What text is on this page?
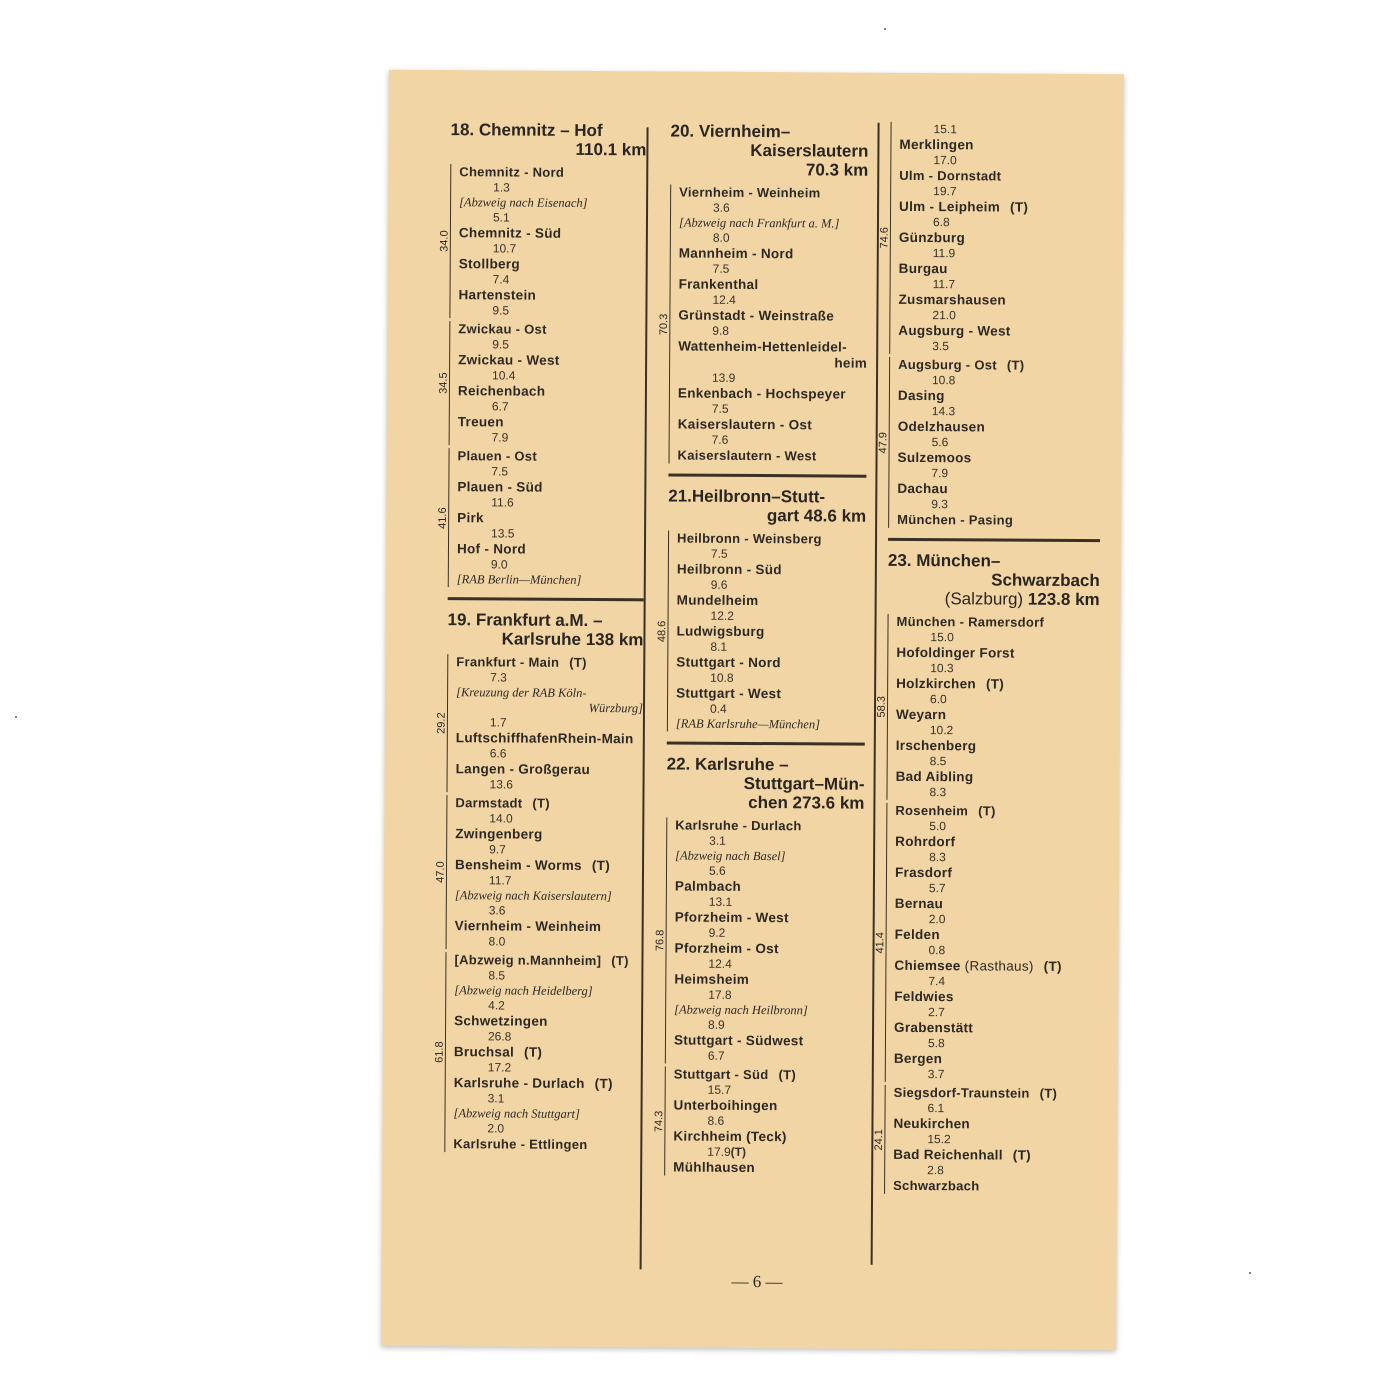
18. Chemnitz – Hof
110.1 km

34.0
Chemnitz - Nord
1.3
[Abzweig nach Eisenach]
5.1
Chemnitz - Süd
10.7
Stollberg
7.4
Hartenstein
9.5
34.5
Zwickau - Ost
9.5
Zwickau - West
10.4
Reichenbach
6.7
Treuen
7.9
41.6
Plauen - Ost
7.5
Plauen - Süd
11.6
Pirk
13.5
Hof - Nord
9.0
[RAB Berlin—München]
19. Frankfurt a.M. –
Karlsruhe 138 km

29.2
Frankfurt - Main (T)
7.3
[Kreuzung der RAB Köln-
Würzburg]
1.7
LuftschiffhafenRhein-Main
6.6
Langen - Großgerau
13.6
47.0
Darmstadt (T)
14.0
Zwingenberg
9.7
Bensheim - Worms (T)
11.7
[Abzweig nach Kaiserslautern]
3.6
Viernheim - Weinheim
8.0
61.8
[Abzweig n.Mannheim] (T)
8.5
[Abzweig nach Heidelberg]
4.2
Schwetzingen
26.8
Bruchsal (T)
17.2
Karlsruhe - Durlach (T)
3.1
[Abzweig nach Stuttgart]
2.0
Karlsruhe - Ettlingen
20. Viernheim–
Kaiserslautern
70.3 km

70.3
Viernheim - Weinheim
3.6
[Abzweig nach Frankfurt a. M.]
8.0
Mannheim - Nord
7.5
Frankenthal
12.4
Grünstadt - Weinstraße
9.8
Wattenheim-Hettenleidel-
heim
13.9
Enkenbach - Hochspeyer
7.5
Kaiserslautern - Ost
7.6
Kaiserslautern - West
21.Heilbronn–Stutt-
gart 48.6 km

48.6
Heilbronn - Weinsberg
7.5
Heilbronn - Süd
9.6
Mundelheim
12.2
Ludwigsburg
8.1
Stuttgart - Nord
10.8
Stuttgart - West
0.4
[RAB Karlsruhe—München]
22. Karlsruhe –
Stuttgart–Mün-
chen 273.6 km

76.8
Karlsruhe - Durlach
3.1
[Abzweig nach Basel]
5.6
Palmbach
13.1
Pforzheim - West
9.2
Pforzheim - Ost
12.4
Heimsheim
17.8
[Abzweig nach Heilbronn]
8.9
Stuttgart - Südwest
6.7
74.3
Stuttgart - Süd (T)
15.7
Unterboihingen
8.6
Kirchheim (Teck)
17.9(T)
Mühlhausen
74.6
15.1
Merklingen
17.0
Ulm - Dornstadt
19.7
Ulm - Leipheim (T)
6.8
Günzburg
11.9
Burgau
11.7
Zusmarshausen
21.0
Augsburg - West
3.5
47.9
Augsburg - Ost (T)
10.8
Dasing
14.3
Odelzhausen
5.6
Sulzemoos
7.9
Dachau
9.3
München - Pasing
23. München–
Schwarzbach
(Salzburg) 123.8 km

58.3
München - Ramersdorf
15.0
Hofoldinger Forst
10.3
Holzkirchen (T)
6.0
Weyarn
10.2
Irschenberg
8.5
Bad Aibling
8.3
41.4
Rosenheim (T)
5.0
Rohrdorf
8.3
Frasdorf
5.7
Bernau
2.0
Felden
0.8
Chiemsee (Rasthaus) (T)
7.4
Feldwies
2.7
Grabenstätt
5.8
Bergen
3.7
24.1
Siegsdorf-Traunstein (T)
6.1
Neukirchen
15.2
Bad Reichenhall (T)
2.8
Schwarzbach
— 6 —
